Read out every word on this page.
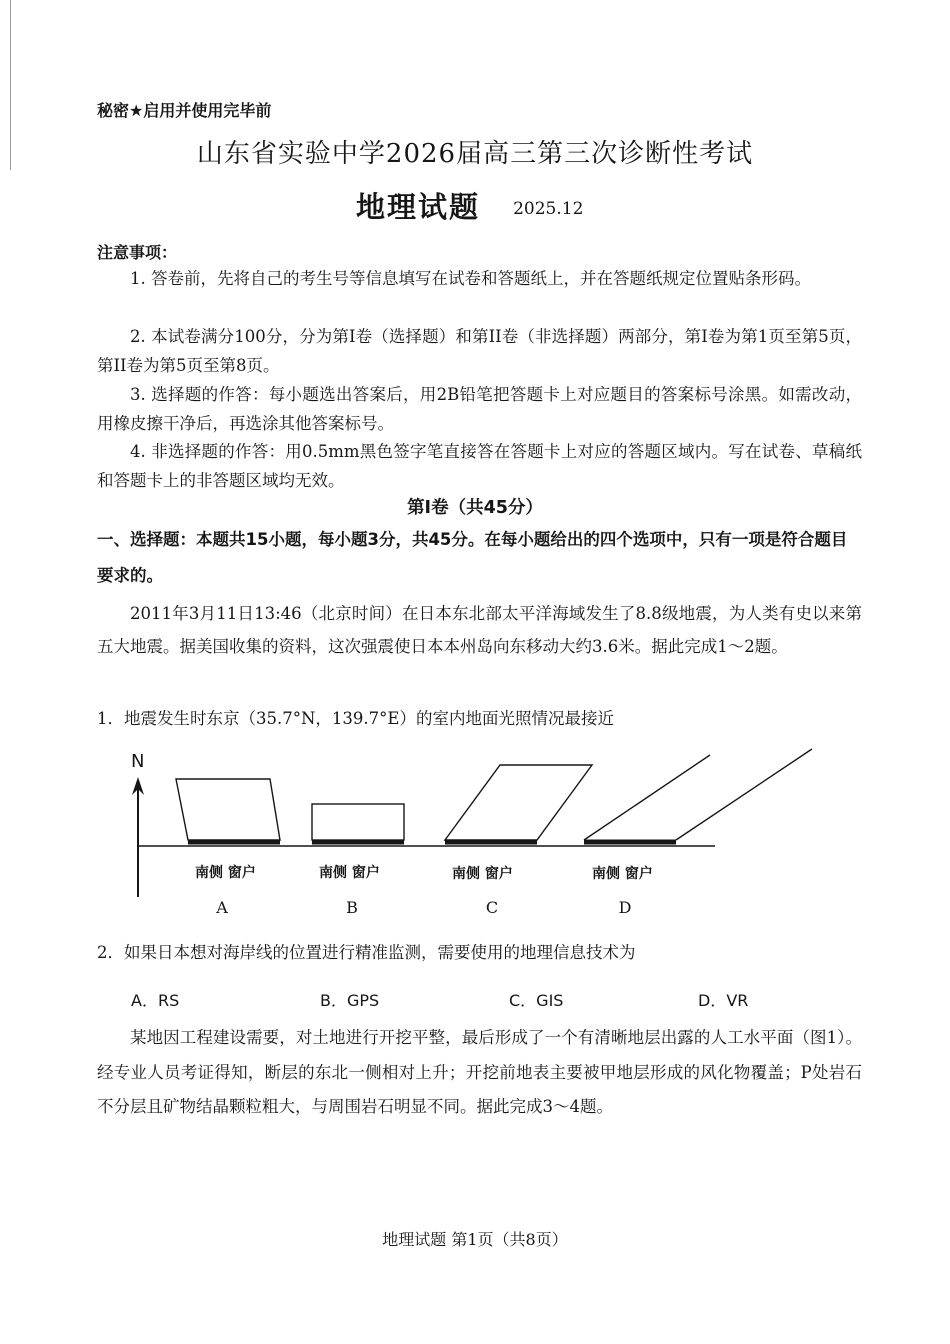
秘密★启用并使用完毕前
山东省实验中学2026届高三第三次诊断性考试
地理试题 2025.12
注意事项：
1. 答卷前，先将自己的考生号等信息填写在试卷和答题纸上，并在答题纸规定位置贴条形码。
2. 本试卷满分100分，分为第I卷（选择题）和第II卷（非选择题）两部分，第I卷为第1页至第5页，第II卷为第5页至第8页。
3. 选择题的作答：每小题选出答案后，用2B铅笔把答题卡上对应题目的答案标号涂黑。如需改动，用橡皮擦干净后，再选涂其他答案标号。
4. 非选择题的作答：用0.5mm黑色签字笔直接答在答题卡上对应的答题区域内。写在试卷、草稿纸和答题卡上的非答题区域均无效。
第I卷（共45分）
一、选择题：本题共15小题，每小题3分，共45分。在每小题给出的四个选项中，只有一项是符合题目要求的。
2011年3月11日13:46（北京时间）在日本东北部太平洋海域发生了8.8级地震，为人类有史以来第五大地震。据美国收集的资料，这次强震使日本本州岛向东移动大约3.6米。据此完成1～2题。
1．地震发生时东京（35.7°N，139.7°E）的室内地面光照情况最接近
N
南侧 窗户	南侧 窗户	南侧 窗户	南侧 窗户
A	B	C	D
2．如果日本想对海岸线的位置进行精准监测，需要使用的地理信息技术为
A．RS	B．GPS	C．GIS	D．VR
某地因工程建设需要，对土地进行开挖平整，最后形成了一个有清晰地层出露的人工水平面（图1）。经专业人员考证得知，断层的东北一侧相对上升；开挖前地表主要被甲地层形成的风化物覆盖；P处岩石不分层且矿物结晶颗粒粗大，与周围岩石明显不同。据此完成3～4题。
地理试题 第1页（共8页）
